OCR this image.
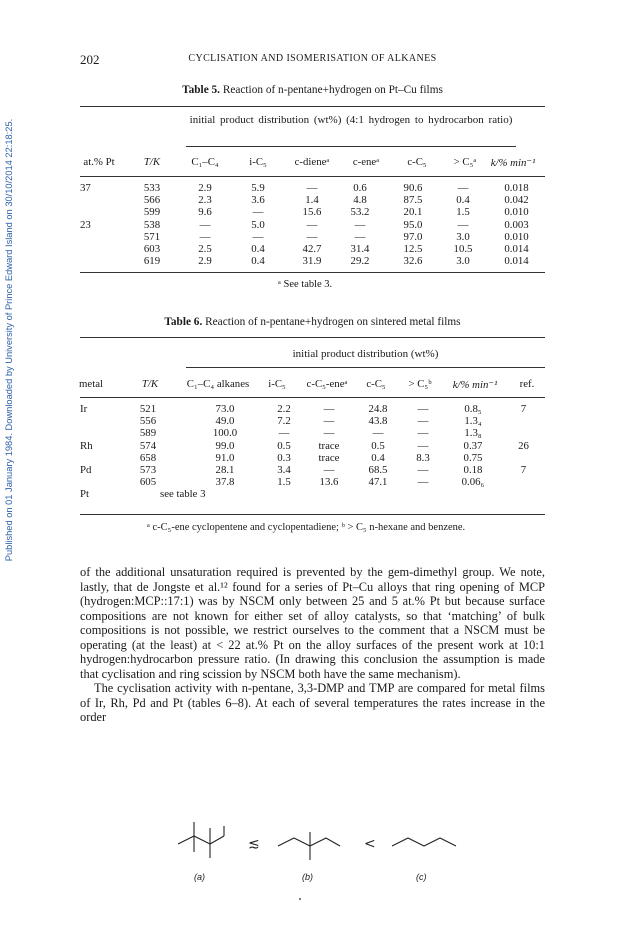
Published on 01 January 1984. Downloaded by University of Prince Edward Island on 30/10/2014 22:18:25.
202	CYCLISATION AND ISOMERISATION OF ALKANES
Table 5. Reaction of n-pentane+hydrogen on Pt–Cu films
initial product distribution (wt%) (4:1 hydrogen to hydrocarbon ratio)
at.% Pt	T/K	C₁–C₄	i-C₅	c-dieneᵃ c-eneᵃ	c-C₅ > C₅ᵃ k/% min⁻¹
37	533	2.9	5.9	—	0.6	90.6	—	0.018
	566	2.3	3.6	1.4	4.8	87.5	0.4	0.042
	599	9.6	—	15.6	53.2	20.1	1.5	0.010
23	538	—	5.0	—	—	95.0	—	0.003
	571	—	—	—	—	97.0	3.0	0.010
	603	2.5	0.4	42.7	31.4	12.5	10.5	0.014
	619	2.9	0.4	31.9	29.2	32.6	3.0	0.014
ᵃ See table 3.
Table 6. Reaction of n-pentane+hydrogen on sintered metal films
initial product distribution (wt%)
metal	T/K	C₁–C₄ alkanes i-C₅ c-C₅-eneᵃ c-C₅ > C₅ᵇ k/% min⁻¹ ref.
Ir	521	73.0	2.2	—	24.8	—	0.8₅	7
	556	49.0	7.2	—	43.8	—	1.3₄	
	589	100.0	—	—	—	—	1.3₈	
Rh	574	99.0	0.5	trace	0.5	—	0.37	26
	658	91.0	0.3	trace	0.4	8.3	0.75	
Pd	573	28.1	3.4	—	68.5	—	0.18	7
	605	37.8	1.5	13.6	47.1	—	0.06₆	
Pt	see table 3							
ᵃ c-C₅-ene cyclopentene and cyclopentadiene; ᵇ > C₅ n-hexane and benzene.

of the additional unsaturation required is prevented by the gem-dimethyl group. We note, lastly, that de Jongste et al.¹² found for a series of Pt–Cu alloys that ring opening of MCP (hydrogen:MCP::17:1) was by NSCM only between 25 and 5 at.% Pt but because surface compositions are not known for either set of alloy catalysts, so that ‘matching’ of bulk compositions is not possible, we restrict ourselves to the comment that a NSCM must be operating (at the least) at < 22 at.% Pt on the alloy surfaces of the present work at 10:1 hydrogen:hydrocarbon pressure ratio. (In drawing this conclusion the assumption is made that cyclisation and ring scission by NSCM both have the same mechanism).

The cyclisation activity with n-pentane, 3,3-DMP and TMP are compared for metal films of Ir, Rh, Pd and Pt (tables 6–8). At each of several temperatures the rates increase in the order

≲	<
(a)	(b)	(c)
